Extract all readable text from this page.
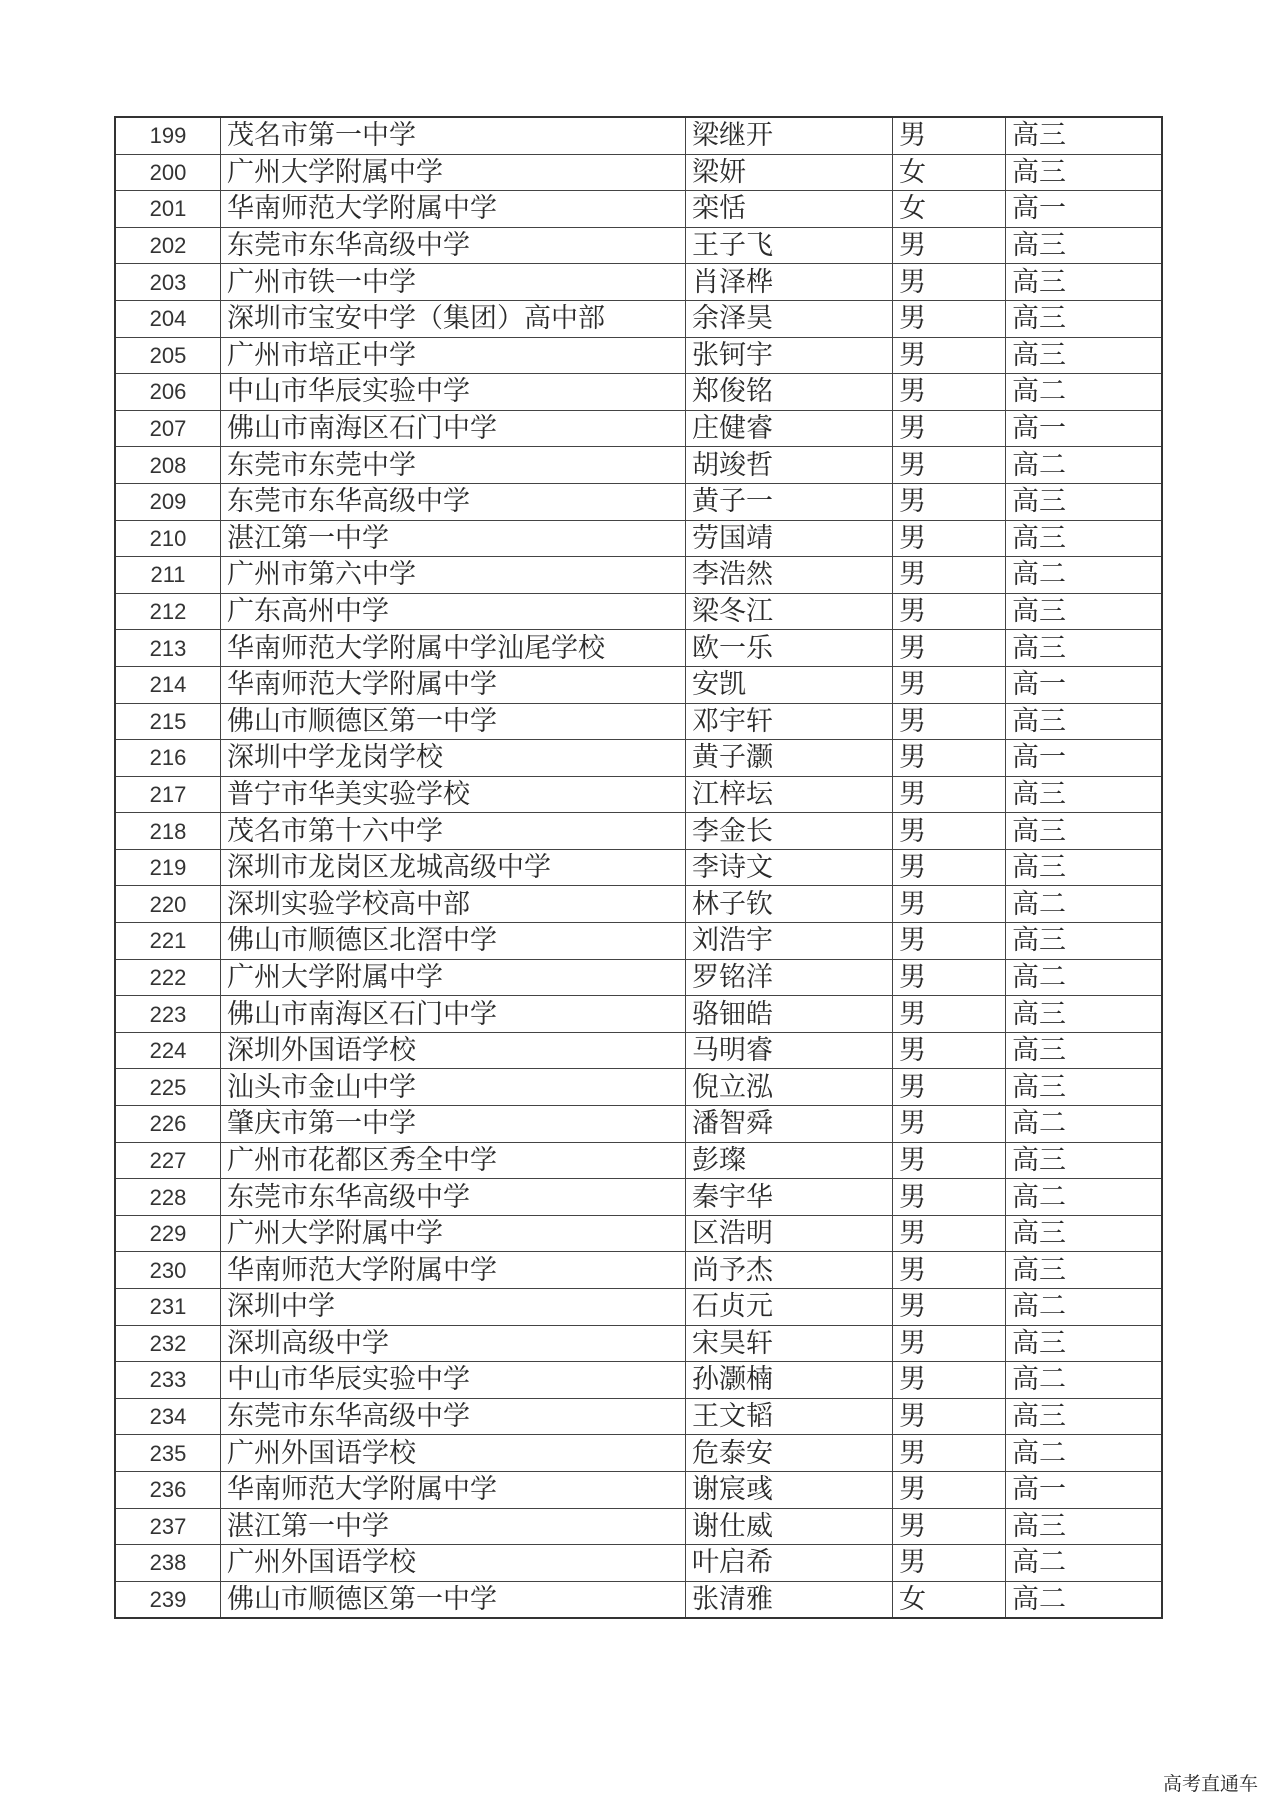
199	茂名市第一中学	梁继开	男	高三
200	广州大学附属中学	梁妍	女	高三
201	华南师范大学附属中学	栾恬	女	高一
202	东莞市东华高级中学	王子飞	男	高三
203	广州市铁一中学	肖泽桦	男	高三
204	深圳市宝安中学（集团）高中部	余泽昊	男	高三
205	广州市培正中学	张钶宇	男	高三
206	中山市华辰实验中学	郑俊铭	男	高二
207	佛山市南海区石门中学	庄健睿	男	高一
208	东莞市东莞中学	胡竣哲	男	高二
209	东莞市东华高级中学	黄子一	男	高三
210	湛江第一中学	劳国靖	男	高三
211	广州市第六中学	李浩然	男	高二
212	广东高州中学	梁冬江	男	高三
213	华南师范大学附属中学汕尾学校	欧一乐	男	高三
214	华南师范大学附属中学	安凯	男	高一
215	佛山市顺德区第一中学	邓宇轩	男	高三
216	深圳中学龙岗学校	黄子灏	男	高一
217	普宁市华美实验学校	江梓坛	男	高三
218	茂名市第十六中学	李金长	男	高三
219	深圳市龙岗区龙城高级中学	李诗文	男	高三
220	深圳实验学校高中部	林子钦	男	高二
221	佛山市顺德区北滘中学	刘浩宇	男	高三
222	广州大学附属中学	罗铭洋	男	高二
223	佛山市南海区石门中学	骆钿皓	男	高三
224	深圳外国语学校	马明睿	男	高三
225	汕头市金山中学	倪立泓	男	高三
226	肇庆市第一中学	潘智舜	男	高二
227	广州市花都区秀全中学	彭璨	男	高三
228	东莞市东华高级中学	秦宇华	男	高二
229	广州大学附属中学	区浩明	男	高三
230	华南师范大学附属中学	尚予杰	男	高三
231	深圳中学	石贞元	男	高二
232	深圳高级中学	宋昊轩	男	高三
233	中山市华辰实验中学	孙灏楠	男	高二
234	东莞市东华高级中学	王文韬	男	高三
235	广州外国语学校	危泰安	男	高二
236	华南师范大学附属中学	谢宸彧	男	高一
237	湛江第一中学	谢仕威	男	高三
238	广州外国语学校	叶启希	男	高二
239	佛山市顺德区第一中学	张清雅	女	高二
高考直通车
